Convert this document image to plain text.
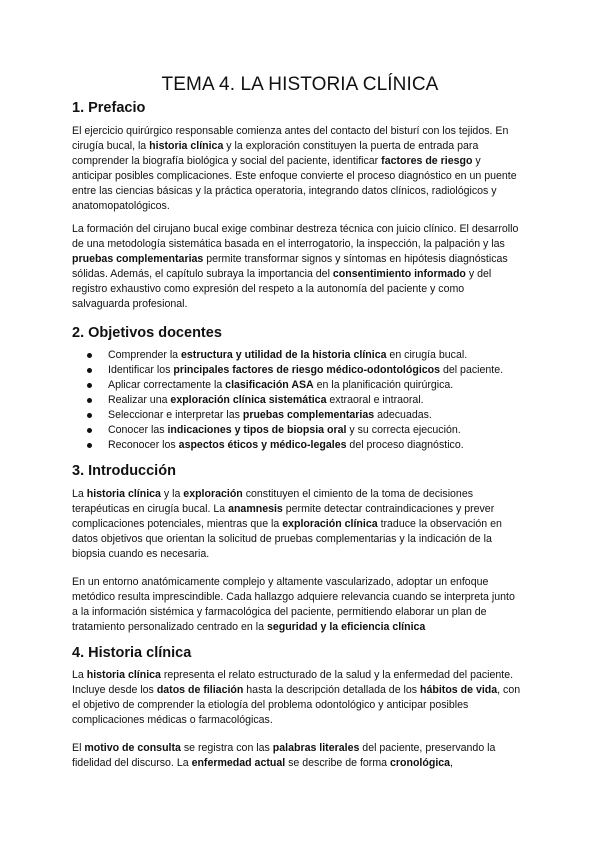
TEMA 4. LA HISTORIA CLÍNICA
1. Prefacio

El ejercicio quirúrgico responsable comienza antes del contacto del bisturí con los tejidos. En cirugía bucal, la historia clínica y la exploración constituyen la puerta de entrada para comprender la biografía biológica y social del paciente, identificar factores de riesgo y anticipar posibles complicaciones. Este enfoque convierte el proceso diagnóstico en un puente entre las ciencias básicas y la práctica operatoria, integrando datos clínicos, radiológicos y anatomopatológicos.

La formación del cirujano bucal exige combinar destreza técnica con juicio clínico. El desarrollo de una metodología sistemática basada en el interrogatorio, la inspección, la palpación y las pruebas complementarias permite transformar signos y síntomas en hipótesis diagnósticas sólidas. Además, el capítulo subraya la importancia del consentimiento informado y del registro exhaustivo como expresión del respeto a la autonomía del paciente y como salvaguarda profesional.

2. Objetivos docentes
Comprender la estructura y utilidad de la historia clínica en cirugía bucal.
Identificar los principales factores de riesgo médico-odontológicos del paciente.
Aplicar correctamente la clasificación ASA en la planificación quirúrgica.
Realizar una exploración clínica sistemática extraoral e intraoral.
Seleccionar e interpretar las pruebas complementarias adecuadas.
Conocer las indicaciones y tipos de biopsia oral y su correcta ejecución.
Reconocer los aspectos éticos y médico-legales del proceso diagnóstico.
3. Introducción

La historia clínica y la exploración constituyen el cimiento de la toma de decisiones terapéuticas en cirugía bucal. La anamnesis permite detectar contraindicaciones y prever complicaciones potenciales, mientras que la exploración clínica traduce la observación en datos objetivos que orientan la solicitud de pruebas complementarias y la indicación de la biopsia cuando es necesaria.

En un entorno anatómicamente complejo y altamente vascularizado, adoptar un enfoque metódico resulta imprescindible. Cada hallazgo adquiere relevancia cuando se interpreta junto a la información sistémica y farmacológica del paciente, permitiendo elaborar un plan de tratamiento personalizado centrado en la seguridad y la eficiencia clínica

4. Historia clínica

La historia clínica representa el relato estructurado de la salud y la enfermedad del paciente. Incluye desde los datos de filiación hasta la descripción detallada de los hábitos de vida, con el objetivo de comprender la etiología del problema odontológico y anticipar posibles complicaciones médicas o farmacológicas.

El motivo de consulta se registra con las palabras literales del paciente, preservando la fidelidad del discurso. La enfermedad actual se describe de forma cronológica,
